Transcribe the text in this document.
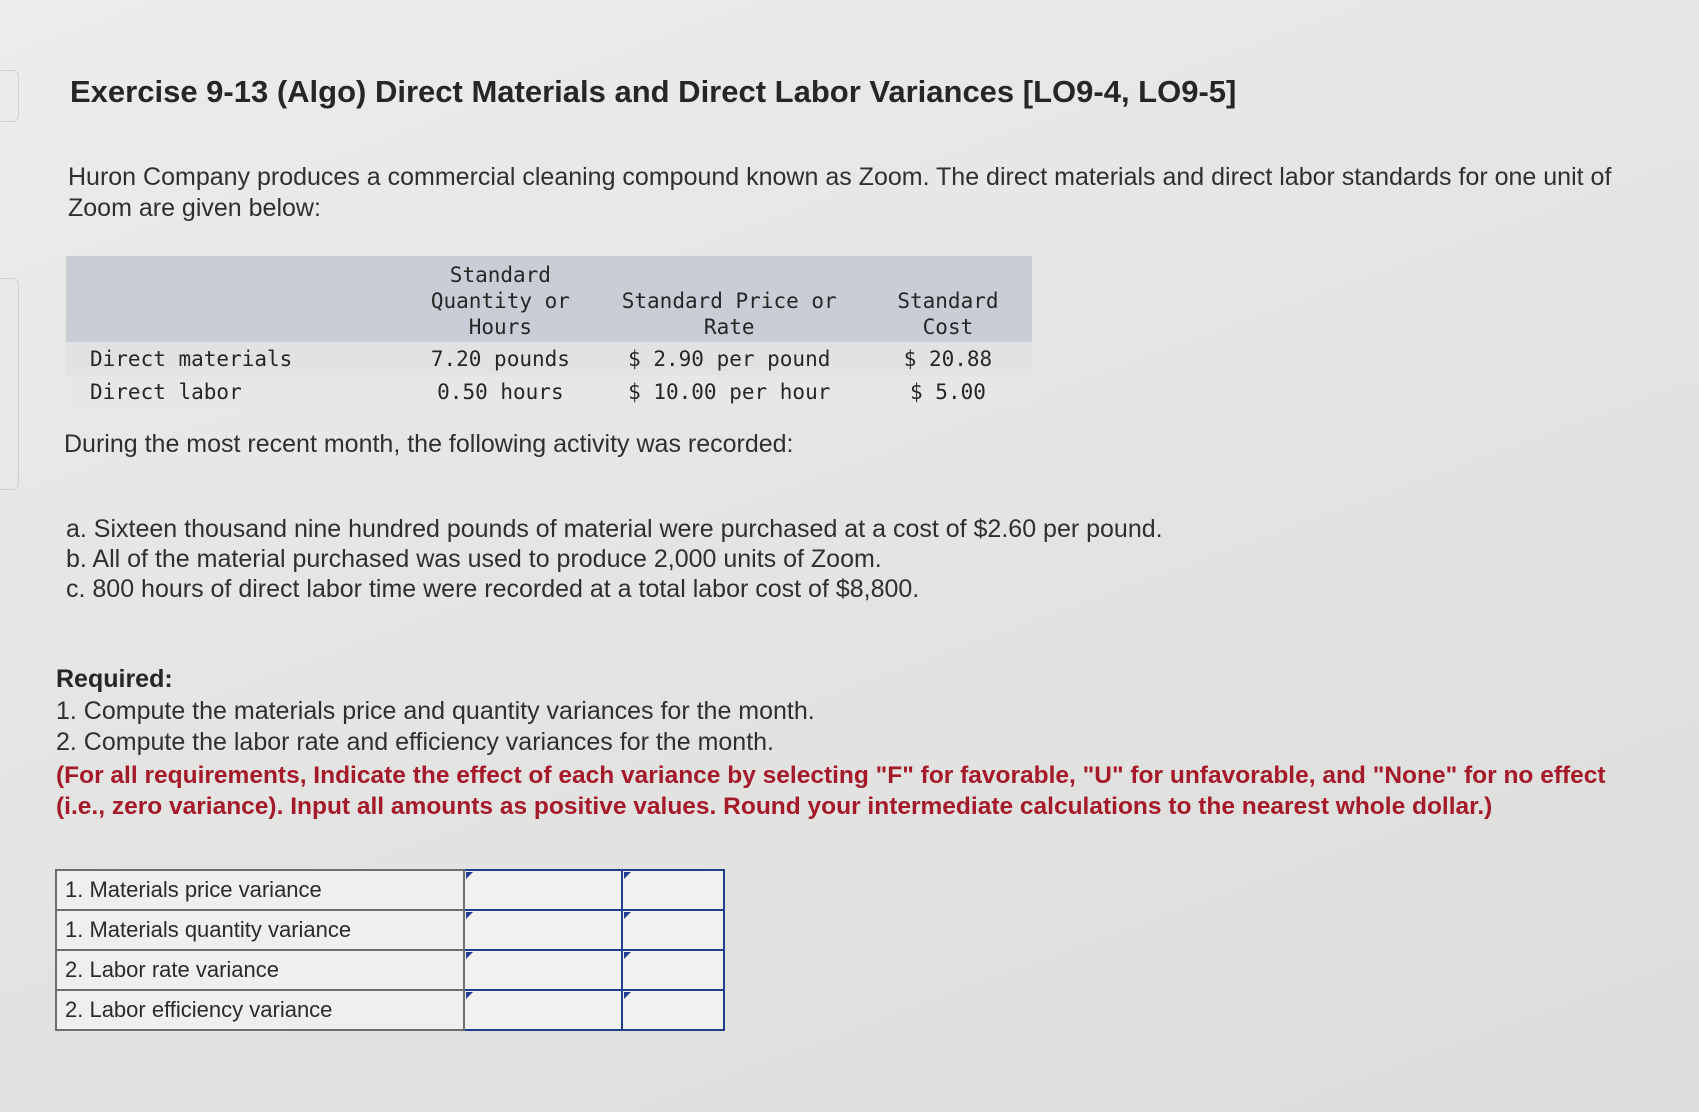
Exercise 9-13 (Algo) Direct Materials and Direct Labor Variances [LO9-4, LO9-5]

Huron Company produces a commercial cleaning compound known as Zoom. The direct materials and direct labor standards for one unit of Zoom are given below:

	Standard Quantity or Hours	Standard Price or Rate	Standard Cost
Direct materials	7.20 pounds	$ 2.90 per pound	$ 20.88
Direct labor	0.50 hours	$ 10.00 per hour	$ 5.00

During the most recent month, the following activity was recorded:

a. Sixteen thousand nine hundred pounds of material were purchased at a cost of $2.60 per pound.
b. All of the material purchased was used to produce 2,000 units of Zoom.
c. 800 hours of direct labor time were recorded at a total labor cost of $8,800.

Required:

1. Compute the materials price and quantity variances for the month.
2. Compute the labor rate and efficiency variances for the month.

(For all requirements, Indicate the effect of each variance by selecting "F" for favorable, "U" for unfavorable, and "None" for no effect (i.e., zero variance). Input all amounts as positive values. Round your intermediate calculations to the nearest whole dollar.)

1. Materials price variance	

1. Materials quantity variance	

2. Labor rate variance	

2. Labor efficiency variance	
